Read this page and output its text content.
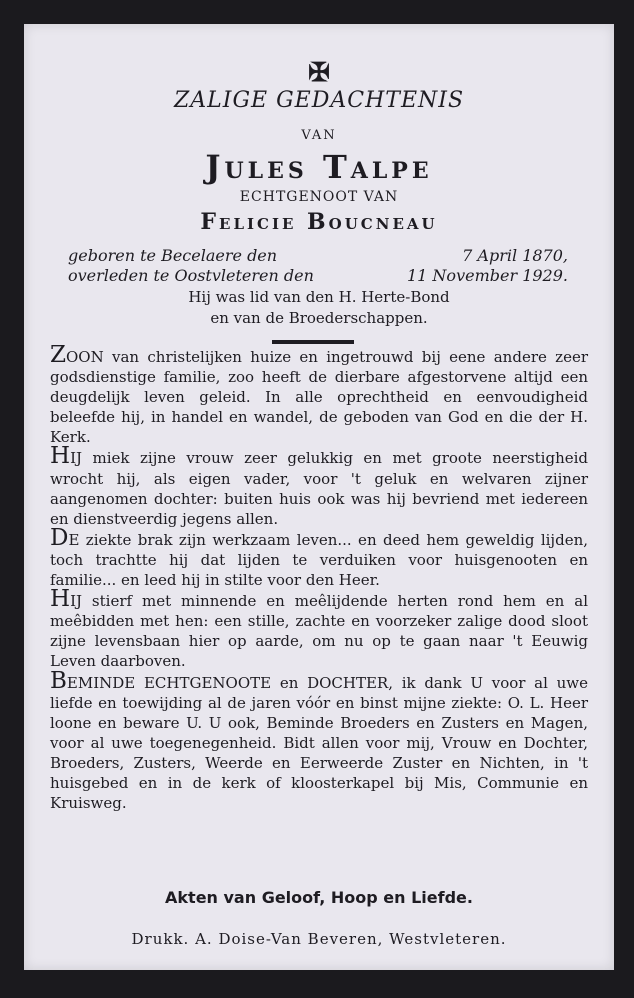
✠
ZALIGE GEDACHTENIS
VAN
Jules Talpe
ECHTGENOOT VAN
Felicie Boucneau
geboren te Becelaere den	7 April 1870,
overleden te Oostvleteren den	11 November 1929.
Hij was lid van den H. Herte-Bond
en van de Broederschappen.

ZOON van christelijken huize en ingetrouwd bij eene andere zeer godsdienstige familie, zoo heeft de dierbare afgestorvene altijd een deugdelijk leven geleid. In alle oprechtheid en eenvoudigheid beleefde hij, in handel en wandel, de geboden van God en die der H. Kerk.

HIJ miek zijne vrouw zeer gelukkig en met groote neerstigheid wrocht hij, als eigen vader, voor 't geluk en welvaren zijner aangenomen dochter: buiten huis ook was hij bevriend met iedereen en dienstveerdig jegens allen.

DE ziekte brak zijn werkzaam leven... en deed hem geweldig lijden, toch trachtte hij dat lijden te verduiken voor huisgenooten en familie... en leed hij in stilte voor den Heer.

HIJ stierf met minnende en meêlijdende herten rond hem en al meêbidden met hen: een stille, zachte en voorzeker zalige dood sloot zijne levensbaan hier op aarde, om nu op te gaan naar 't Eeuwig Leven daarboven.

BEMINDE ECHTGENOOTE en DOCHTER, ik dank U voor al uwe liefde en toewijding al de jaren vóór en binst mijne ziekte: O. L. Heer loone en beware U. U ook, Beminde Broeders en Zusters en Magen, voor al uwe toegenegenheid. Bidt allen voor mij, Vrouw en Dochter, Broeders, Zusters, Weerde en Eerweerde Zuster en Nichten, in 't huisgebed en in de kerk of kloosterkapel bij Mis, Communie en Kruisweg.

Akten van Geloof, Hoop en Liefde.
Drukk. A. Doise-Van Beveren, Westvleteren.
